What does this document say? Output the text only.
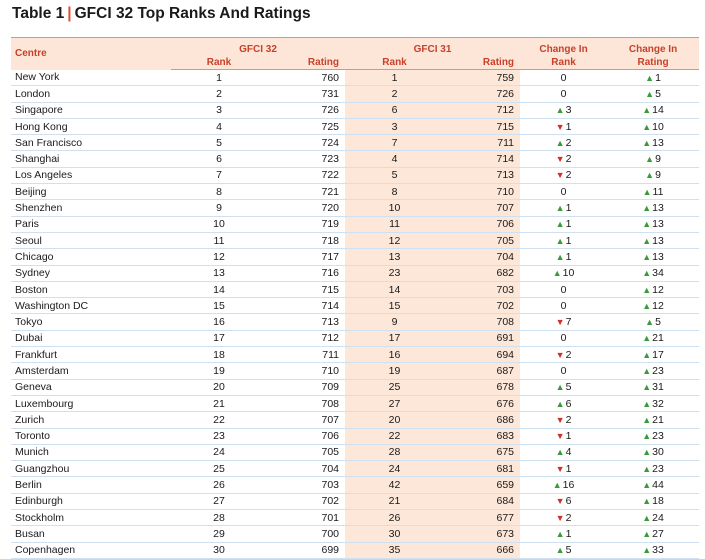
Table 1 | GFCI 32 Top Ranks And Ratings
Centre	GFCI 32		GFCI 31		Change In	Change In
	Rank	Rating	Rank	Rating	Rank	Rating
New York	1	760	1	759	0	▲1
London	2	731	2	726	0	▲5
Singapore	3	726	6	712	▲3	▲14
Hong Kong	4	725	3	715	▼1	▲10
San Francisco	5	724	7	711	▲2	▲13
Shanghai	6	723	4	714	▼2	▲9
Los Angeles	7	722	5	713	▼2	▲9
Beijing	8	721	8	710	0	▲11
Shenzhen	9	720	10	707	▲1	▲13
Paris	10	719	11	706	▲1	▲13
Seoul	11	718	12	705	▲1	▲13
Chicago	12	717	13	704	▲1	▲13
Sydney	13	716	23	682	▲10	▲34
Boston	14	715	14	703	0	▲12
Washington DC	15	714	15	702	0	▲12
Tokyo	16	713	9	708	▼7	▲5
Dubai	17	712	17	691	0	▲21
Frankfurt	18	711	16	694	▼2	▲17
Amsterdam	19	710	19	687	0	▲23
Geneva	20	709	25	678	▲5	▲31
Luxembourg	21	708	27	676	▲6	▲32
Zurich	22	707	20	686	▼2	▲21
Toronto	23	706	22	683	▼1	▲23
Munich	24	705	28	675	▲4	▲30
Guangzhou	25	704	24	681	▼1	▲23
Berlin	26	703	42	659	▲16	▲44
Edinburgh	27	702	21	684	▼6	▲18
Stockholm	28	701	26	677	▼2	▲24
Busan	29	700	30	673	▲1	▲27
Copenhagen	30	699	35	666	▲5	▲33
